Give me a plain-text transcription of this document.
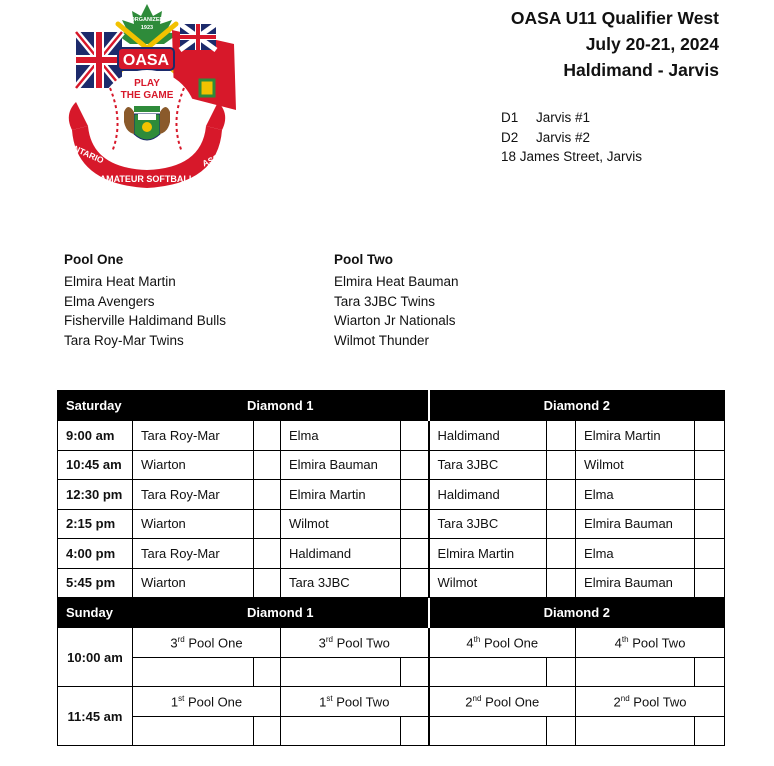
ORGANIZED
1923
OASA
PLAY
THE GAME
ONTARIO	ASSOC
AMATEUR SOFTBALL
OASA U11 Qualifier West
July 20-21, 2024
Haldimand - Jarvis
D1 Jarvis #1
D2 Jarvis #2
18 James Street, Jarvis
Pool One
Elmira Heat Martin
Elma Avengers
Fisherville Haldimand Bulls
Tara Roy-Mar Twins
Pool Two
Elmira Heat Bauman
Tara 3JBC Twins
Wiarton Jr Nationals
Wilmot Thunder
Saturday	Diamond 1				Diamond 2			
9:00 am	Tara Roy-Mar		Elma		Haldimand		Elmira Martin	
10:45 am	Wiarton		Elmira Bauman		Tara 3JBC		Wilmot	
12:30 pm	Tara Roy-Mar		Elmira Martin		Haldimand		Elma	
2:15 pm	Wiarton		Wilmot		Tara 3JBC		Elmira Bauman	
4:00 pm	Tara Roy-Mar		Haldimand		Elmira Martin		Elma	
5:45 pm	Wiarton		Tara 3JBC		Wilmot		Elmira Bauman	
Sunday	Diamond 1				Diamond 2			
10:00 am	3rd Pool One		3rd Pool Two		4th Pool One		4th Pool Two	

11:45 am	1st Pool One		1st Pool Two		2nd Pool One		2nd Pool Two	
